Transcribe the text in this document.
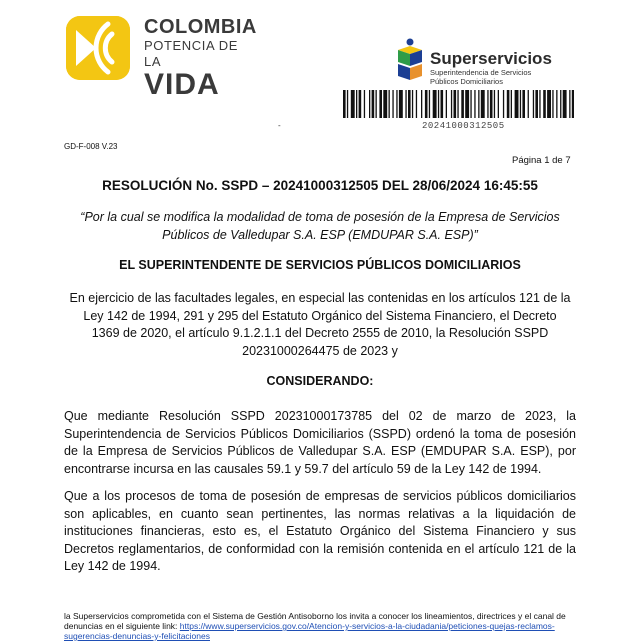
COLOMBIA
POTENCIA DE LA
VIDA
Superservicios
Superintendencia de Servicios
Públicos Domiciliarios
20241000312505
-
GD-F-008 V.23
Página 1 de 7
RESOLUCIÓN No. SSPD – 20241000312505 DEL 28/06/2024 16:45:55
“Por la cual se modifica la modalidad de toma de posesión de la Empresa de Servicios Públicos de Valledupar S.A. ESP (EMDUPAR S.A. ESP)”
EL SUPERINTENDENTE DE SERVICIOS PÚBLICOS DOMICILIARIOS
En ejercicio de las facultades legales, en especial las contenidas en los artículos 121 de la Ley 142 de 1994, 291 y 295 del Estatuto Orgánico del Sistema Financiero, el Decreto 1369 de 2020, el artículo 9.1.2.1.1 del Decreto 2555 de 2010, la Resolución SSPD 20231000264475 de 2023 y
CONSIDERANDO:
Que mediante Resolución SSPD 20231000173785 del 02 de marzo de 2023, la Superintendencia de Servicios Públicos Domiciliarios (SSPD) ordenó la toma de posesión de la Empresa de Servicios Públicos de Valledupar S.A. ESP (EMDUPAR S.A. ESP), por encontrarse incursa en las causales 59.1 y 59.7 del artículo 59 de la Ley 142 de 1994.
Que a los procesos de toma de posesión de empresas de servicios públicos domiciliarios son aplicables, en cuanto sean pertinentes, las normas relativas a la liquidación de instituciones financieras, esto es, el Estatuto Orgánico del Sistema Financiero y sus Decretos reglamentarios, de conformidad con la remisión contenida en el artículo 121 de la Ley 142 de 1994.
la Superservicios comprometida con el Sistema de Gestión Antisoborno los invita a conocer los lineamientos, directrices y el canal de denuncias en el siguiente link: https://www.superservicios.gov.co/Atencion-y-servicios-a-la-ciudadania/peticiones-quejas-reclamos-sugerencias-denuncias-y-felicitaciones
